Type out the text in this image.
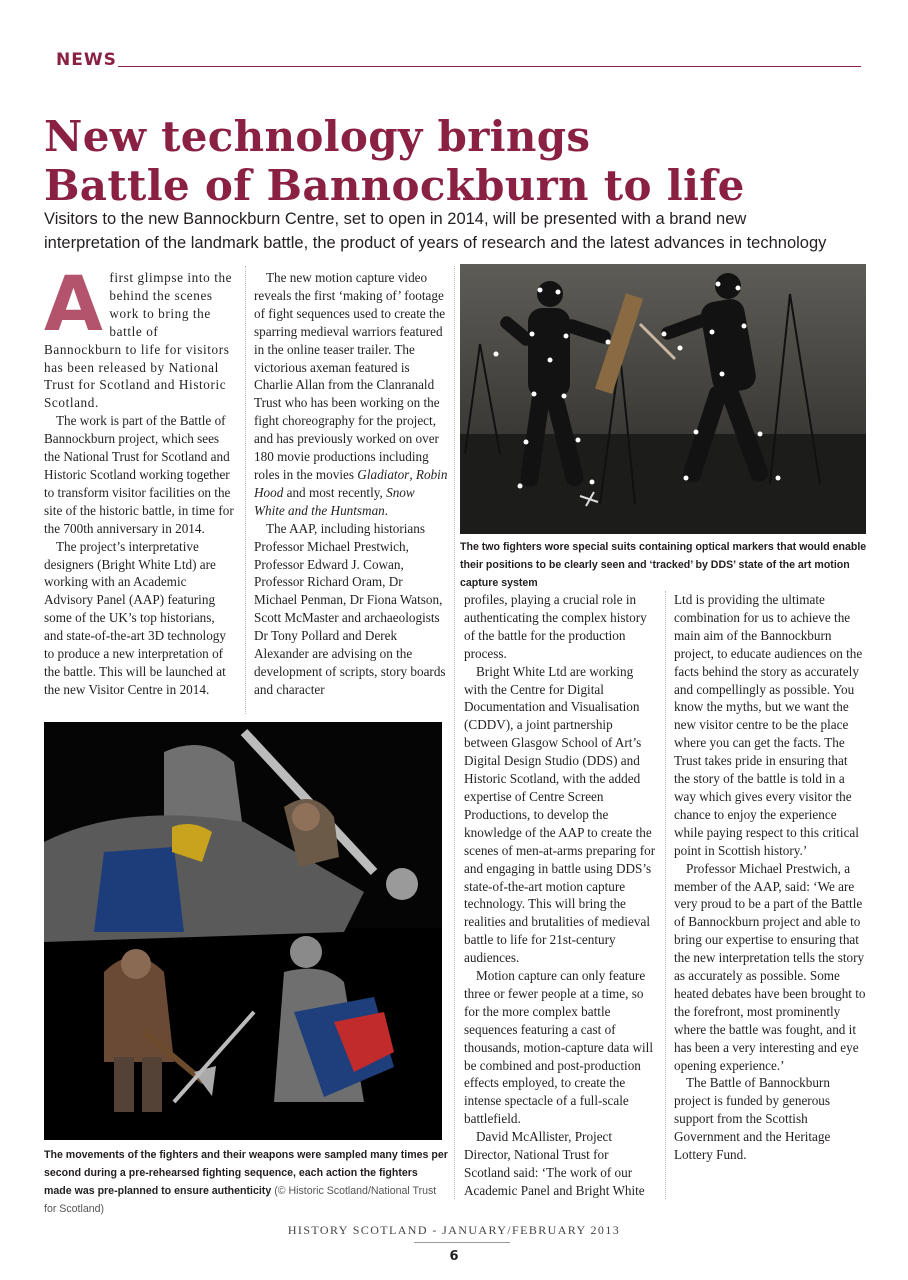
NEWS
New technology brings
Battle of Bannockburn to life

Visitors to the new Bannockburn Centre, set to open in 2014, will be presented with a brand new
interpretation of the landmark battle, the product of years of research and the latest advances in technology

Afirst glimpse into the behind the scenes work to bring the battle of Bannockburn to life for visitors has been released by National Trust for Scotland and Historic Scotland.

The work is part of the Battle of Bannockburn project, which sees the National Trust for Scotland and Historic Scotland working together to transform visitor facilities on the site of the historic battle, in time for the 700th anniversary in 2014.

The project’s interpretative designers (Bright White Ltd) are working with an Academic Advisory Panel (AAP) featuring some of the UK’s top historians, and state-of-the-art 3D technology to produce a new interpretation of the battle. This will be launched at the new Visitor Centre in 2014.

The new motion capture video reveals the first ‘making of’ footage of fight sequences used to create the sparring medieval warriors featured in the online teaser trailer. The victorious axeman featured is Charlie Allan from the Clanranald Trust who has been working on the fight choreography for the project, and has previously worked on over 180 movie productions including roles in the movies Gladiator, Robin Hood and most recently, Snow White and the Huntsman.

The AAP, including historians Professor Michael Prestwich, Professor Edward J. Cowan, Professor Richard Oram, Dr Michael Penman, Dr Fiona Watson, Scott McMaster and archaeologists Dr Tony Pollard and Derek Alexander are advising on the development of scripts, story boards and character

The two fighters wore special suits containing optical markers that would enable their positions to be clearly seen and ‘tracked’ by DDS’ state of the art motion capture system

profiles, playing a crucial role in authenticating the complex history of the battle for the production process.

Bright White Ltd are working with the Centre for Digital Documentation and Visualisation (CDDV), a joint partnership between Glasgow School of Art’s Digital Design Studio (DDS) and Historic Scotland, with the added expertise of Centre Screen Productions, to develop the knowledge of the AAP to create the scenes of men-at-arms preparing for and engaging in battle using DDS’s state-of-the-art motion capture technology. This will bring the realities and brutalities of medieval battle to life for 21st-century audiences.

Motion capture can only feature three or fewer people at a time, so for the more complex battle sequences featuring a cast of thousands, motion-capture data will be combined and post-production effects employed, to create the intense spectacle of a full-scale battlefield.

David McAllister, Project Director, National Trust for Scotland said: ‘The work of our Academic Panel and Bright White

Ltd is providing the ultimate combination for us to achieve the main aim of the Bannockburn project, to educate audiences on the facts behind the story as accurately and compellingly as possible. You know the myths, but we want the new visitor centre to be the place where you can get the facts. The Trust takes pride in ensuring that the story of the battle is told in a way which gives every visitor the chance to enjoy the experience while paying respect to this critical point in Scottish history.’

Professor Michael Prestwich, a member of the AAP, said: ‘We are very proud to be a part of the Battle of Bannockburn project and able to bring our expertise to ensuring that the new interpretation tells the story as accurately as possible. Some heated debates have been brought to the forefront, most prominently where the battle was fought, and it has been a very interesting and eye opening experience.’

The Battle of Bannockburn project is funded by generous support from the Scottish Government and the Heritage Lottery Fund.

The movements of the fighters and their weapons were sampled many times per second during a pre-rehearsed fighting sequence, each action the fighters made was pre-planned to ensure authenticity (© Historic Scotland/National Trust for Scotland)
HISTORY SCOTLAND - JANUARY/FEBRUARY 2013
6
